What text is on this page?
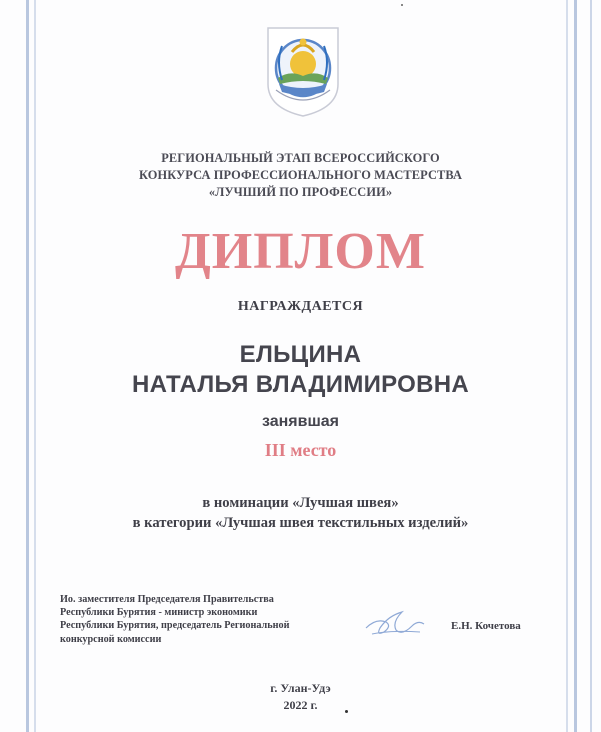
РЕГИОНАЛЬНЫЙ ЭТАП ВСЕРОССИЙСКОГО
КОНКУРСА ПРОФЕССИОНАЛЬНОГО МАСТЕРСТВА
«ЛУЧШИЙ ПО ПРОФЕССИИ»
ДИПЛОМ
НАГРАЖДАЕТСЯ
ЕЛЬЦИНА
НАТАЛЬЯ ВЛАДИМИРОВНА
занявшая
III место
в номинации «Лучшая швея»
в категории «Лучшая швея текстильных изделий»
Ио. заместителя Председателя Правительства
Республики Бурятия - министр экономики
Республики Бурятия, председатель Региональной
конкурсной комиссии
Е.Н. Кочетова
г. Улан-Удэ
2022 г.
